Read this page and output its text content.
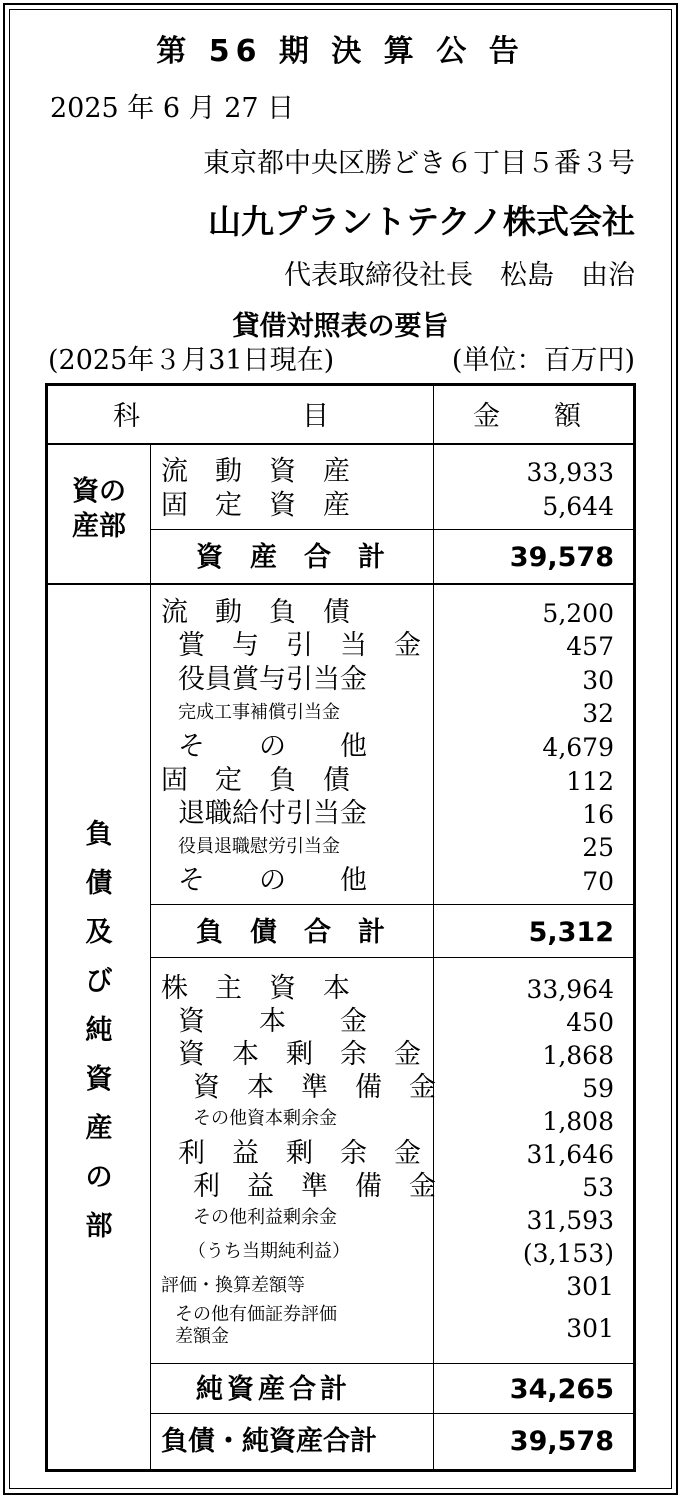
第 56 期 決 算 公 告
2025 年 6 月 27 日
東京都中央区勝どき６丁目５番３号
山九プラントテクノ株式会社
代表取締役社長　松島　由治
貸借対照表の要旨
(2025年３月31日現在)	(単位：百万円)
科　　　　　　目	金　　額
資の
産部
負
債
及
び
純
資
産
の
部
流　動　資　産	33,933
固　定　資　産	5,644
資　産　合　計	39,578
流　動　負　債	5,200
賞　与　引　当　金	457
役員賞与引当金	30
完成工事補償引当金	32
そ　　の　　他	4,679
固　定　負　債	112
退職給付引当金	16
役員退職慰労引当金	25
そ　　の　　他	70
負　債　合　計	5,312
株　主　資　本	33,964
資　　本　　金	450
資　本　剰　余　金	1,868
資　本　準　備　金	59
その他資本剰余金	1,808
利　益　剰　余　金	31,646
利　益　準　備　金	53
その他利益剰余金	31,593
（うち当期純利益）	(3,153)
評価・換算差額等	301
その他有価証券評価
差額金	301
純資産合計	34,265
負債・純資産合計	39,578
